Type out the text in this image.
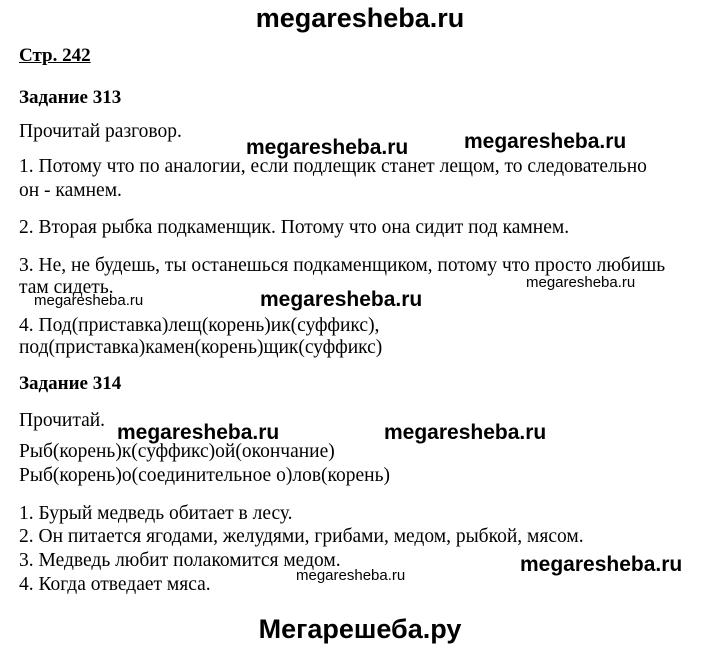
megaresheba.ru
Стр. 242
Задание 313
Прочитай разговор.
1. Потому что по аналогии, если подлещик станет лещом, то следовательно
он - камнем.
2. Вторая рыбка подкаменщик. Потому что она сидит под камнем.
3. Не, не будешь, ты останешься подкаменщиком, потому что просто любишь
там сидеть.
4. Под(приставка)лещ(корень)ик(суффикс),
под(приставка)камен(корень)щик(суффикс)
Задание 314
Прочитай.
Рыб(корень)к(суффикс)ой(окончание)
Рыб(корень)о(соединительное о)лов(корень)
1. Бурый медведь обитает в лесу.
2. Он питается ягодами, желудями, грибами, медом, рыбкой, мясом.
3. Медведь любит полакомится медом.
4. Когда отведает мяса.
megaresheba.ru	megaresheba.ru
megaresheba.ru	megaresheba.ru
megaresheba.ru
megaresheba.ru	megaresheba.ru
megaresheba.ru
megaresheba.ru
Мегарешеба.ру
